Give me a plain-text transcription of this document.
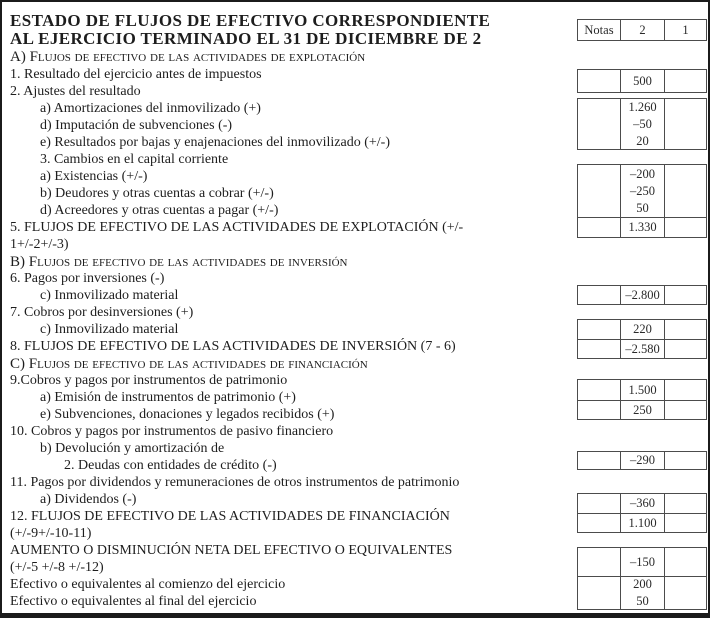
ESTADO DE FLUJOS DE EFECTIVO CORRESPONDIENTE
AL EJERCICIO TERMINADO EL 31 DE DICIEMBRE DE 2
A) Flujos de efectivo de las actividades de explotación
1. Resultado del ejercicio antes de impuestos
2. Ajustes del resultado
a) Amortizaciones del inmovilizado (+)
d) Imputación de subvenciones (-)
e) Resultados por bajas y enajenaciones del inmovilizado (+/-)
3. Cambios en el capital corriente
a) Existencias (+/-)
b) Deudores y otras cuentas a cobrar (+/-)
d) Acreedores y otras cuentas a pagar (+/-)
5. FLUJOS DE EFECTIVO DE LAS ACTIVIDADES DE EXPLOTACIÓN (+/-
1+/-2+/-3)
B) Flujos de efectivo de las actividades de inversión
6. Pagos por inversiones (-)
c) Inmovilizado material
7. Cobros por desinversiones (+)
c) Inmovilizado material
8. FLUJOS DE EFECTIVO DE LAS ACTIVIDADES DE INVERSIÓN (7 - 6)
C) Flujos de efectivo de las actividades de financiación
9.Cobros y pagos por instrumentos de patrimonio
a) Emisión de instrumentos de patrimonio (+)
e) Subvenciones, donaciones y legados recibidos (+)
10. Cobros y pagos por instrumentos de pasivo financiero
b) Devolución y amortización de
2. Deudas con entidades de crédito (-)
11. Pagos por dividendos y remuneraciones de otros instrumentos de patrimonio
a) Dividendos (-)
12. FLUJOS DE EFECTIVO DE LAS ACTIVIDADES DE FINANCIACIÓN
(+/-9+/-10-11)
AUMENTO O DISMINUCIÓN NETA DEL EFECTIVO O EQUIVALENTES
(+/-5 +/-8 +/-12)
Efectivo o equivalentes al comienzo del ejercicio
Efectivo o equivalentes al final del ejercicio
Notas	2	1
500
1.260
–50
20
–200
–250
50
1.330
–2.800
220
–2.580
1.500
250
–290
–360
1.100
–150
200
50
